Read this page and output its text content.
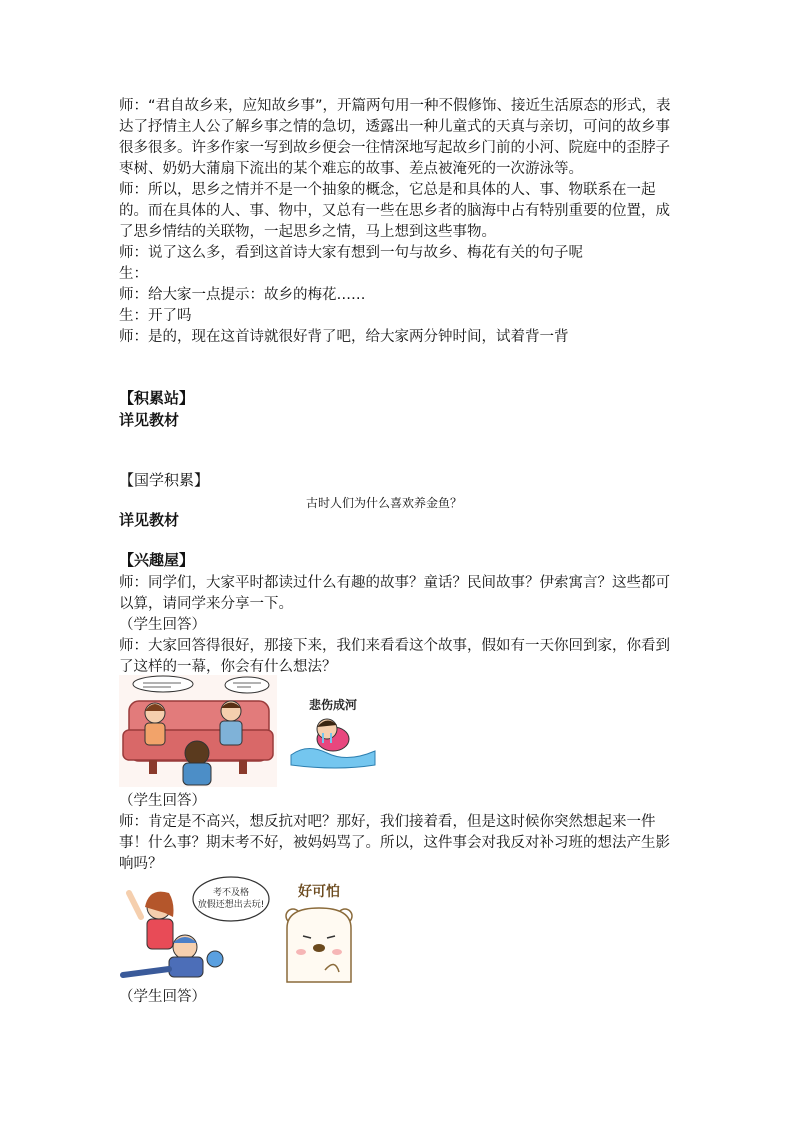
师：“君自故乡来，应知故乡事”，开篇两句用一种不假修饰、接近生活原态的形式，表达了抒情主人公了解乡事之情的急切，透露出一种儿童式的天真与亲切，可问的故乡事很多很多。许多作家一写到故乡便会一往情深地写起故乡门前的小河、院庭中的歪脖子枣树、奶奶大蒲扇下流出的某个难忘的故事、差点被淹死的一次游泳等。

师：所以，思乡之情并不是一个抽象的概念，它总是和具体的人、事、物联系在一起的。而在具体的人、事、物中，又总有一些在思乡者的脑海中占有特别重要的位置，成了思乡情结的关联物，一起思乡之情，马上想到这些事物。

师：说了这么多，看到这首诗大家有想到一句与故乡、梅花有关的句子呢

生：

师：给大家一点提示：故乡的梅花……

生：开了吗

师：是的，现在这首诗就很好背了吧，给大家两分钟时间，试着背一背

【积累站】
详见教材
【国学积累】
古时人们为什么喜欢养金鱼？
详见教材
【兴趣屋】

师：同学们，大家平时都读过什么有趣的故事？童话？民间故事？伊索寓言？这些都可以算，请同学来分享一下。

（学生回答）

师：大家回答得很好，那接下来，我们来看看这个故事，假如有一天你回到家，你看到了这样的一幕，你会有什么想法？

悲伤成河

（学生回答）

师：肯定是不高兴，想反抗对吧？那好，我们接着看，但是这时候你突然想起来一件事！什么事？期末考不好，被妈妈骂了。所以，这件事会对我反对补习班的想法产生影响吗？

考不及格
放假还想出去玩!
好可怕

（学生回答）
